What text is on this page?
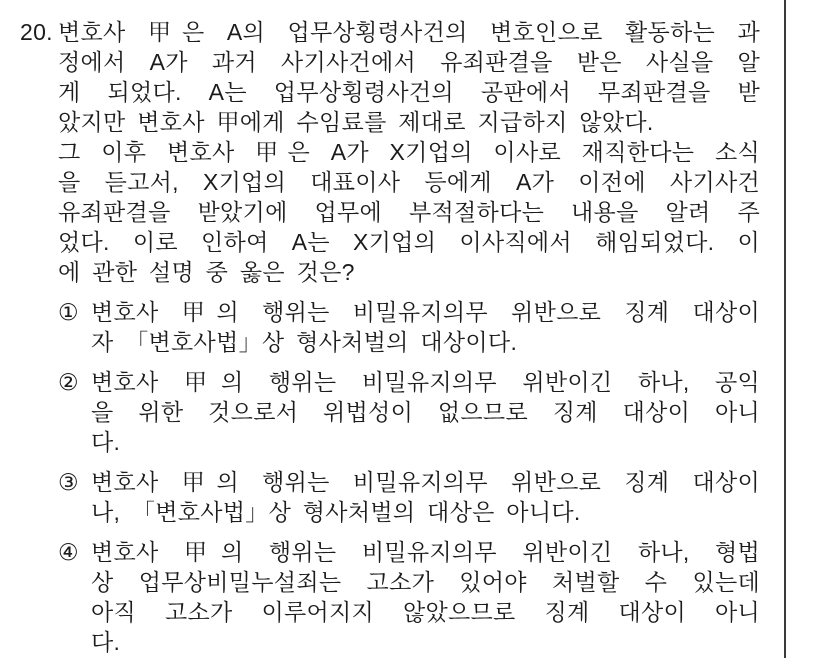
20. 변호사 甲은 A의 업무상횡령사건의 변호인으로 활동하는 과
정에서 A가 과거 사기사건에서 유죄판결을 받은 사실을 알
게 되었다. A는 업무상횡령사건의 공판에서 무죄판결을 받
았지만 변호사 甲에게 수임료를 제대로 지급하지 않았다.
그 이후 변호사 甲은 A가 X기업의 이사로 재직한다는 소식
을 듣고서, X기업의 대표이사 등에게 A가 이전에 사기사건
유죄판결을 받았기에 업무에 부적절하다는 내용을 알려 주
었다. 이로 인하여 A는 X기업의 이사직에서 해임되었다. 이
에 관한 설명 중 옳은 것은?
① 변호사 甲의 행위는 비밀유지의무 위반으로 징계 대상이
자 「변호사법」상 형사처벌의 대상이다.
② 변호사 甲의 행위는 비밀유지의무 위반이긴 하나, 공익
을 위한 것으로서 위법성이 없으므로 징계 대상이 아니
다.
③ 변호사 甲의 행위는 비밀유지의무 위반으로 징계 대상이
나, 「변호사법」상 형사처벌의 대상은 아니다.
④ 변호사 甲의 행위는 비밀유지의무 위반이긴 하나, 형법
상 업무상비밀누설죄는 고소가 있어야 처벌할 수 있는데
아직 고소가 이루어지지 않았으므로 징계 대상이 아니
다.
